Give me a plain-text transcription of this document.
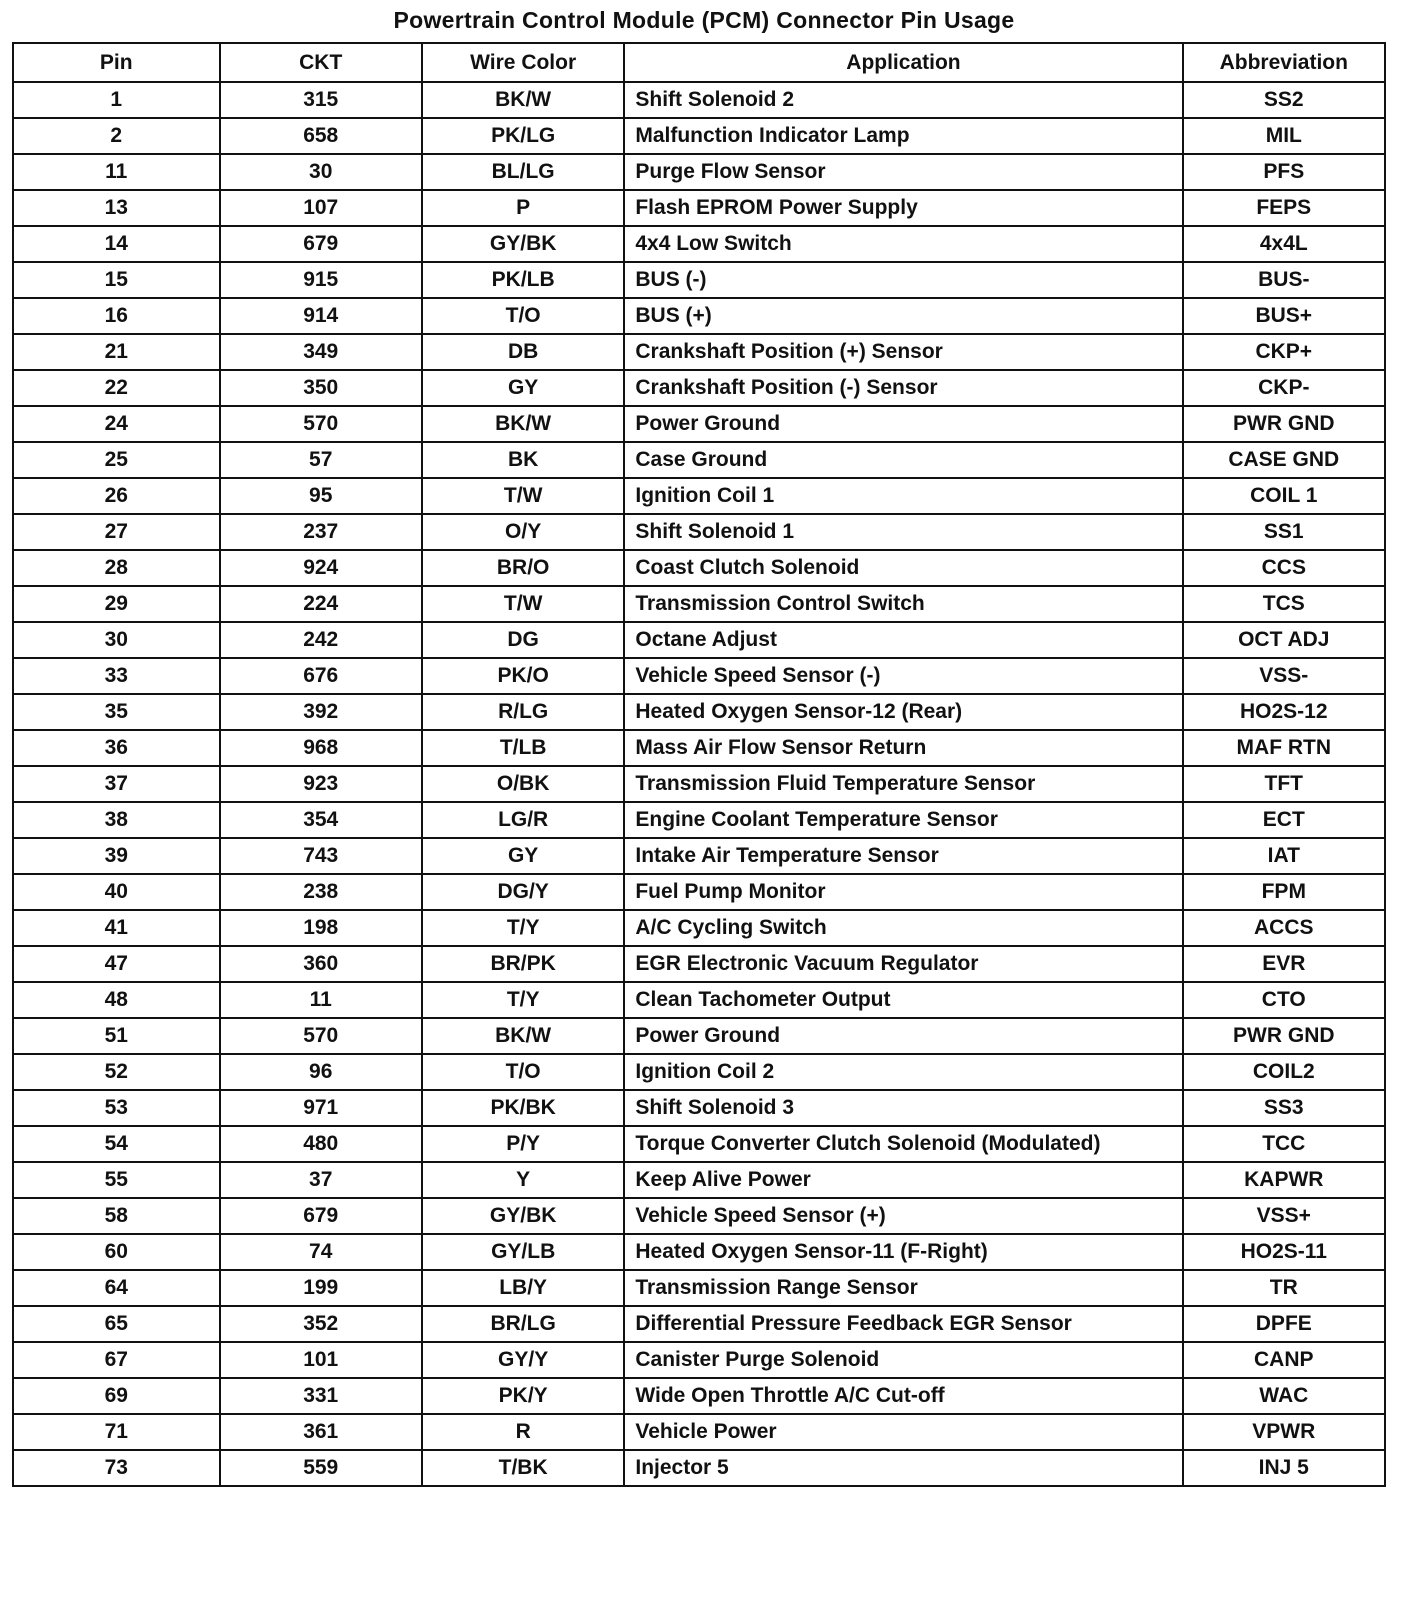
Powertrain Control Module (PCM) Connector Pin Usage
Pin	CKT	Wire Color	Application	Abbreviation
1	315	BK/W	Shift Solenoid 2	SS2
2	658	PK/LG	Malfunction Indicator Lamp	MIL
11	30	BL/LG	Purge Flow Sensor	PFS
13	107	P	Flash EPROM Power Supply	FEPS
14	679	GY/BK	4x4 Low Switch	4x4L
15	915	PK/LB	BUS (-)	BUS-
16	914	T/O	BUS (+)	BUS+
21	349	DB	Crankshaft Position (+) Sensor	CKP+
22	350	GY	Crankshaft Position (-) Sensor	CKP-
24	570	BK/W	Power Ground	PWR GND
25	57	BK	Case Ground	CASE GND
26	95	T/W	Ignition Coil 1	COIL 1
27	237	O/Y	Shift Solenoid 1	SS1
28	924	BR/O	Coast Clutch Solenoid	CCS
29	224	T/W	Transmission Control Switch	TCS
30	242	DG	Octane Adjust	OCT ADJ
33	676	PK/O	Vehicle Speed Sensor (-)	VSS-
35	392	R/LG	Heated Oxygen Sensor-12 (Rear)	HO2S-12
36	968	T/LB	Mass Air Flow Sensor Return	MAF RTN
37	923	O/BK	Transmission Fluid Temperature Sensor	TFT
38	354	LG/R	Engine Coolant Temperature Sensor	ECT
39	743	GY	Intake Air Temperature Sensor	IAT
40	238	DG/Y	Fuel Pump Monitor	FPM
41	198	T/Y	A/C Cycling Switch	ACCS
47	360	BR/PK	EGR Electronic Vacuum Regulator	EVR
48	11	T/Y	Clean Tachometer Output	CTO
51	570	BK/W	Power Ground	PWR GND
52	96	T/O	Ignition Coil 2	COIL2
53	971	PK/BK	Shift Solenoid 3	SS3
54	480	P/Y	Torque Converter Clutch Solenoid (Modulated)	TCC
55	37	Y	Keep Alive Power	KAPWR
58	679	GY/BK	Vehicle Speed Sensor (+)	VSS+
60	74	GY/LB	Heated Oxygen Sensor-11 (F-Right)	HO2S-11
64	199	LB/Y	Transmission Range Sensor	TR
65	352	BR/LG	Differential Pressure Feedback EGR Sensor	DPFE
67	101	GY/Y	Canister Purge Solenoid	CANP
69	331	PK/Y	Wide Open Throttle A/C Cut-off	WAC
71	361	R	Vehicle Power	VPWR
73	559	T/BK	Injector 5	INJ 5
